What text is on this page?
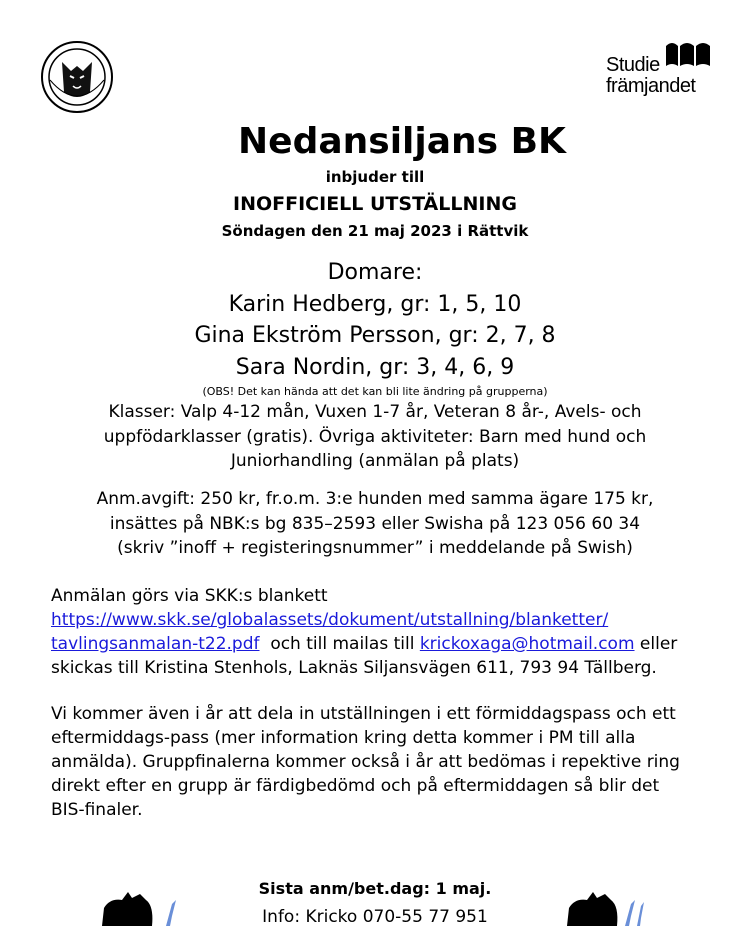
Studie
främjandet
Nedansiljans BK
inbjuder till
INOFFICIELL UTSTÄLLNING
Söndagen den 21 maj 2023 i Rättvik
Domare:
Karin Hedberg, gr: 1, 5, 10
Gina Ekström Persson, gr: 2, 7, 8
Sara Nordin, gr: 3, 4, 6, 9
(OBS! Det kan hända att det kan bli lite ändring på grupperna)
Klasser: Valp 4-12 mån, Vuxen 1-7 år, Veteran 8 år-, Avels- och
uppfödarklasser (gratis). Övriga aktiviteter: Barn med hund och
Juniorhandling (anmälan på plats)
Anm.avgift: 250 kr, fr.o.m. 3:e hunden med samma ägare 175 kr,
insättes på NBK:s bg 835–2593 eller Swisha på 123 056 60 34
(skriv ”inoff + registeringsnummer” i meddelande på Swish)
Anmälan görs via SKK:s blankett
https://www.skk.se/globalassets/dokument/utstallning/blanketter/
tavlingsanmalan-t22.pdf och till mailas till krickoxaga@hotmail.com eller
skickas till Kristina Stenhols, Laknäs Siljansvägen 611, 793 94 Tällberg.
Vi kommer även i år att dela in utställningen i ett förmiddagspass och ett
eftermiddags-pass (mer information kring detta kommer i PM till alla
anmälda). Gruppfinalerna kommer också i år att bedömas i repektive ring
direkt efter en grupp är färdigbedömd och på eftermiddagen så blir det
BIS-finaler.
Sista anm/bet.dag: 1 maj.
Info: Kricko 070-55 77 951
